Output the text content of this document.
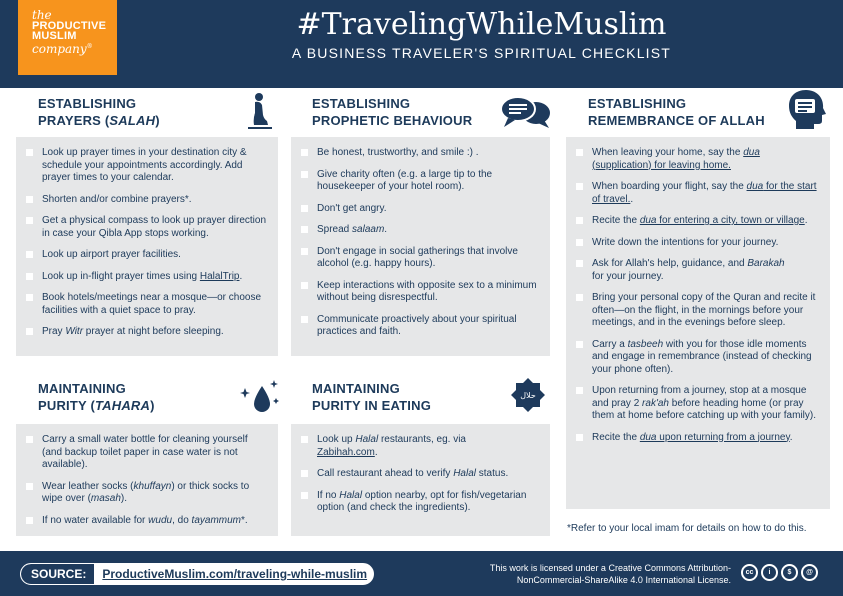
the
PRODUCTIVE
MUSLIM
company®
#TravelingWhileMuslim
A BUSINESS TRAVELER'S SPIRITUAL CHECKLIST
ESTABLISHING
PRAYERS (SALAH)
Look up prayer times in your destination city & schedule your appointments accordingly. Add prayer times to your calendar.
Shorten and/or combine prayers*.
Get a physical compass to look up prayer direction in case your Qibla App stops working.
Look up airport prayer facilities.
Look up in-flight prayer times using HalalTrip.
Book hotels/meetings near a mosque—or choose facilities with a quiet space to pray.
Pray Witr prayer at night before sleeping.
ESTABLISHING
PROPHETIC BEHAVIOUR
Be honest, trustworthy, and smile :) .
Give charity often (e.g. a large tip to the housekeeper of your hotel room).
Don't get angry.
Spread salaam.
Don't engage in social gatherings that involve alcohol (e.g. happy hours).
Keep interactions with opposite sex to a minimum without being disrespectful.
Communicate proactively about your spiritual practices and faith.
ESTABLISHING
REMEMBRANCE OF ALLAH
When leaving your home, say the dua
(supplication) for leaving home.
When boarding your flight, say the dua for the start of travel..
Recite the dua for entering a city, town or village.
Write down the intentions for your journey.
Ask for Allah's help, guidance, and Barakah
for your journey.
Bring your personal copy of the Quran and recite it often—on the flight, in the mornings before your meetings, and in the evenings before sleep.
Carry a tasbeeh with you for those idle moments and engage in remembrance (instead of checking your phone often).
Upon returning from a journey, stop at a mosque and pray 2 rak'ah before heading home (or pray them at home before catching up with your family).
Recite the dua upon returning from a journey.
MAINTAINING
PURITY (TAHARA)
Carry a small water bottle for cleaning yourself (and backup toilet paper in case water is not available).
Wear leather socks (khuffayn) or thick socks to wipe over (masah).
If no water available for wudu, do tayammum*.
MAINTAINING
PURITY IN EATING
حلال
Look up Halal restaurants, eg. via
Zabihah.com.
Call restaurant ahead to verify Halal status.
If no Halal option nearby, opt for fish/vegetarian option (and check the ingredients).
*Refer to your local imam for details on how to do this.
SOURCE:	ProductiveMuslim.com/traveling-while-muslim	This work is licensed under a Creative Commons Attribution-
NonCommercial-ShareAlike 4.0 International License.
cc	i	$	@
